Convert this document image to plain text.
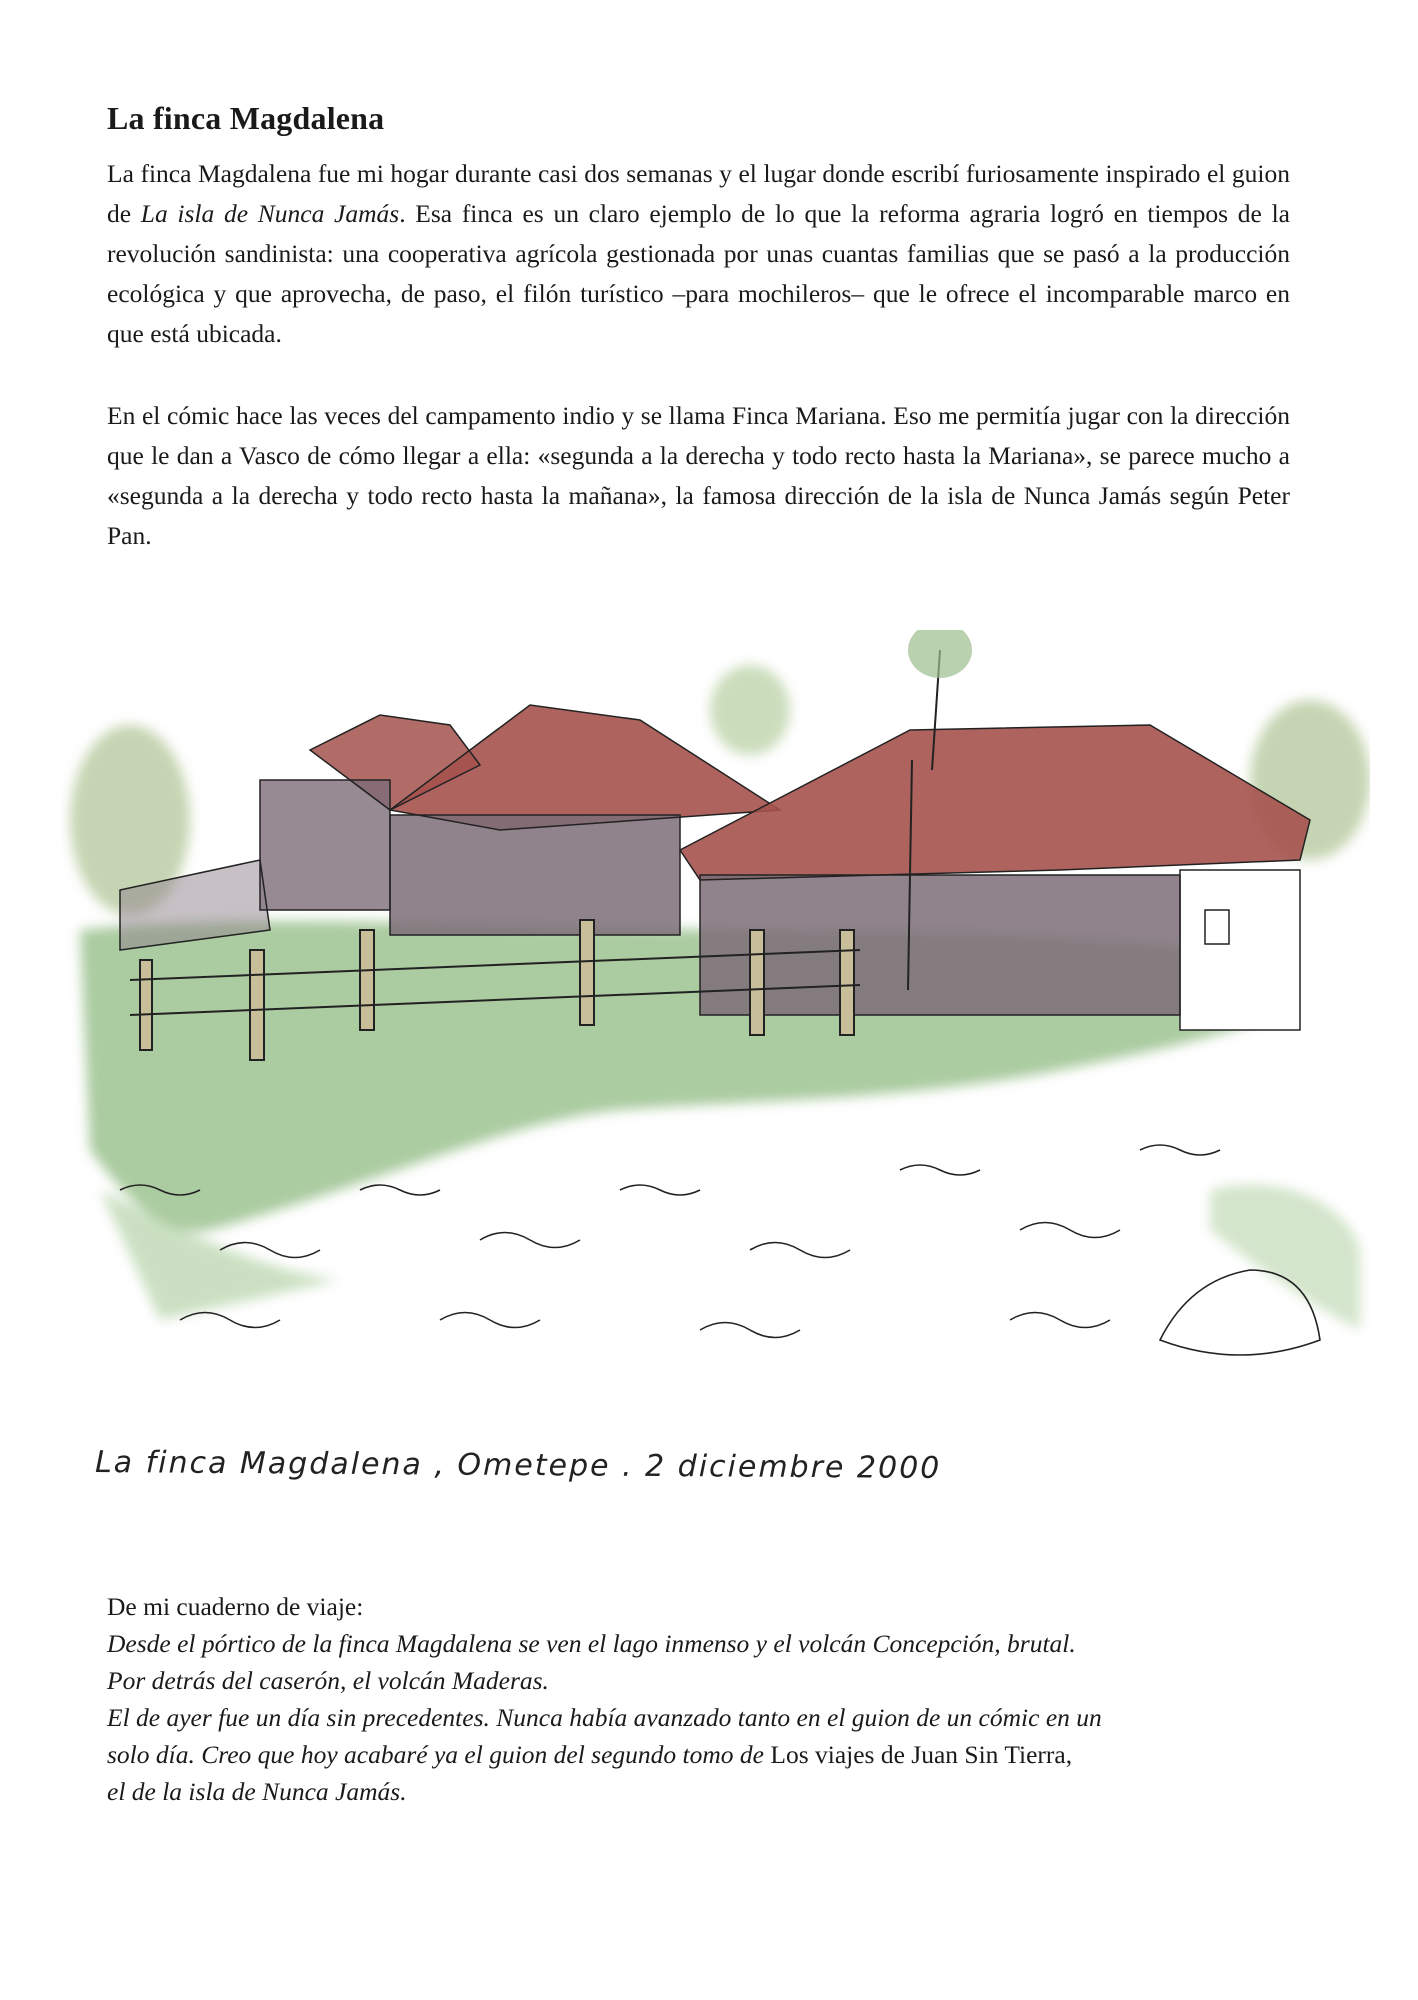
La finca Magdalena

La finca Magdalena fue mi hogar durante casi dos semanas y el lugar donde escribí furiosamente inspirado el guion de La isla de Nunca Jamás. Esa finca es un claro ejemplo de lo que la reforma agraria logró en tiempos de la revolución sandinista: una cooperativa agrícola gestionada por unas cuantas familias que se pasó a la producción ecológica y que aprovecha, de paso, el filón turístico –para mochileros– que le ofrece el incomparable marco en que está ubicada.

En el cómic hace las veces del campamento indio y se llama Finca Mariana. Eso me permitía jugar con la dirección que le dan a Vasco de cómo llegar a ella: «segunda a la derecha y todo recto hasta la Mariana», se parece mucho a «segunda a la derecha y todo recto hasta la mañana», la famosa dirección de la isla de Nunca Jamás según Peter Pan.

La finca Magdalena , Ometepe . 2 diciembre 2000

De mi cuaderno de viaje:

Desde el pórtico de la finca Magdalena se ven el lago inmenso y el volcán Concepción, brutal.

Por detrás del caserón, el volcán Maderas.

El de ayer fue un día sin precedentes. Nunca había avanzado tanto en el guion de un cómic en un

solo día. Creo que hoy acabaré ya el guion del segundo tomo de Los viajes de Juan Sin Tierra,

el de la isla de Nunca Jamás.
